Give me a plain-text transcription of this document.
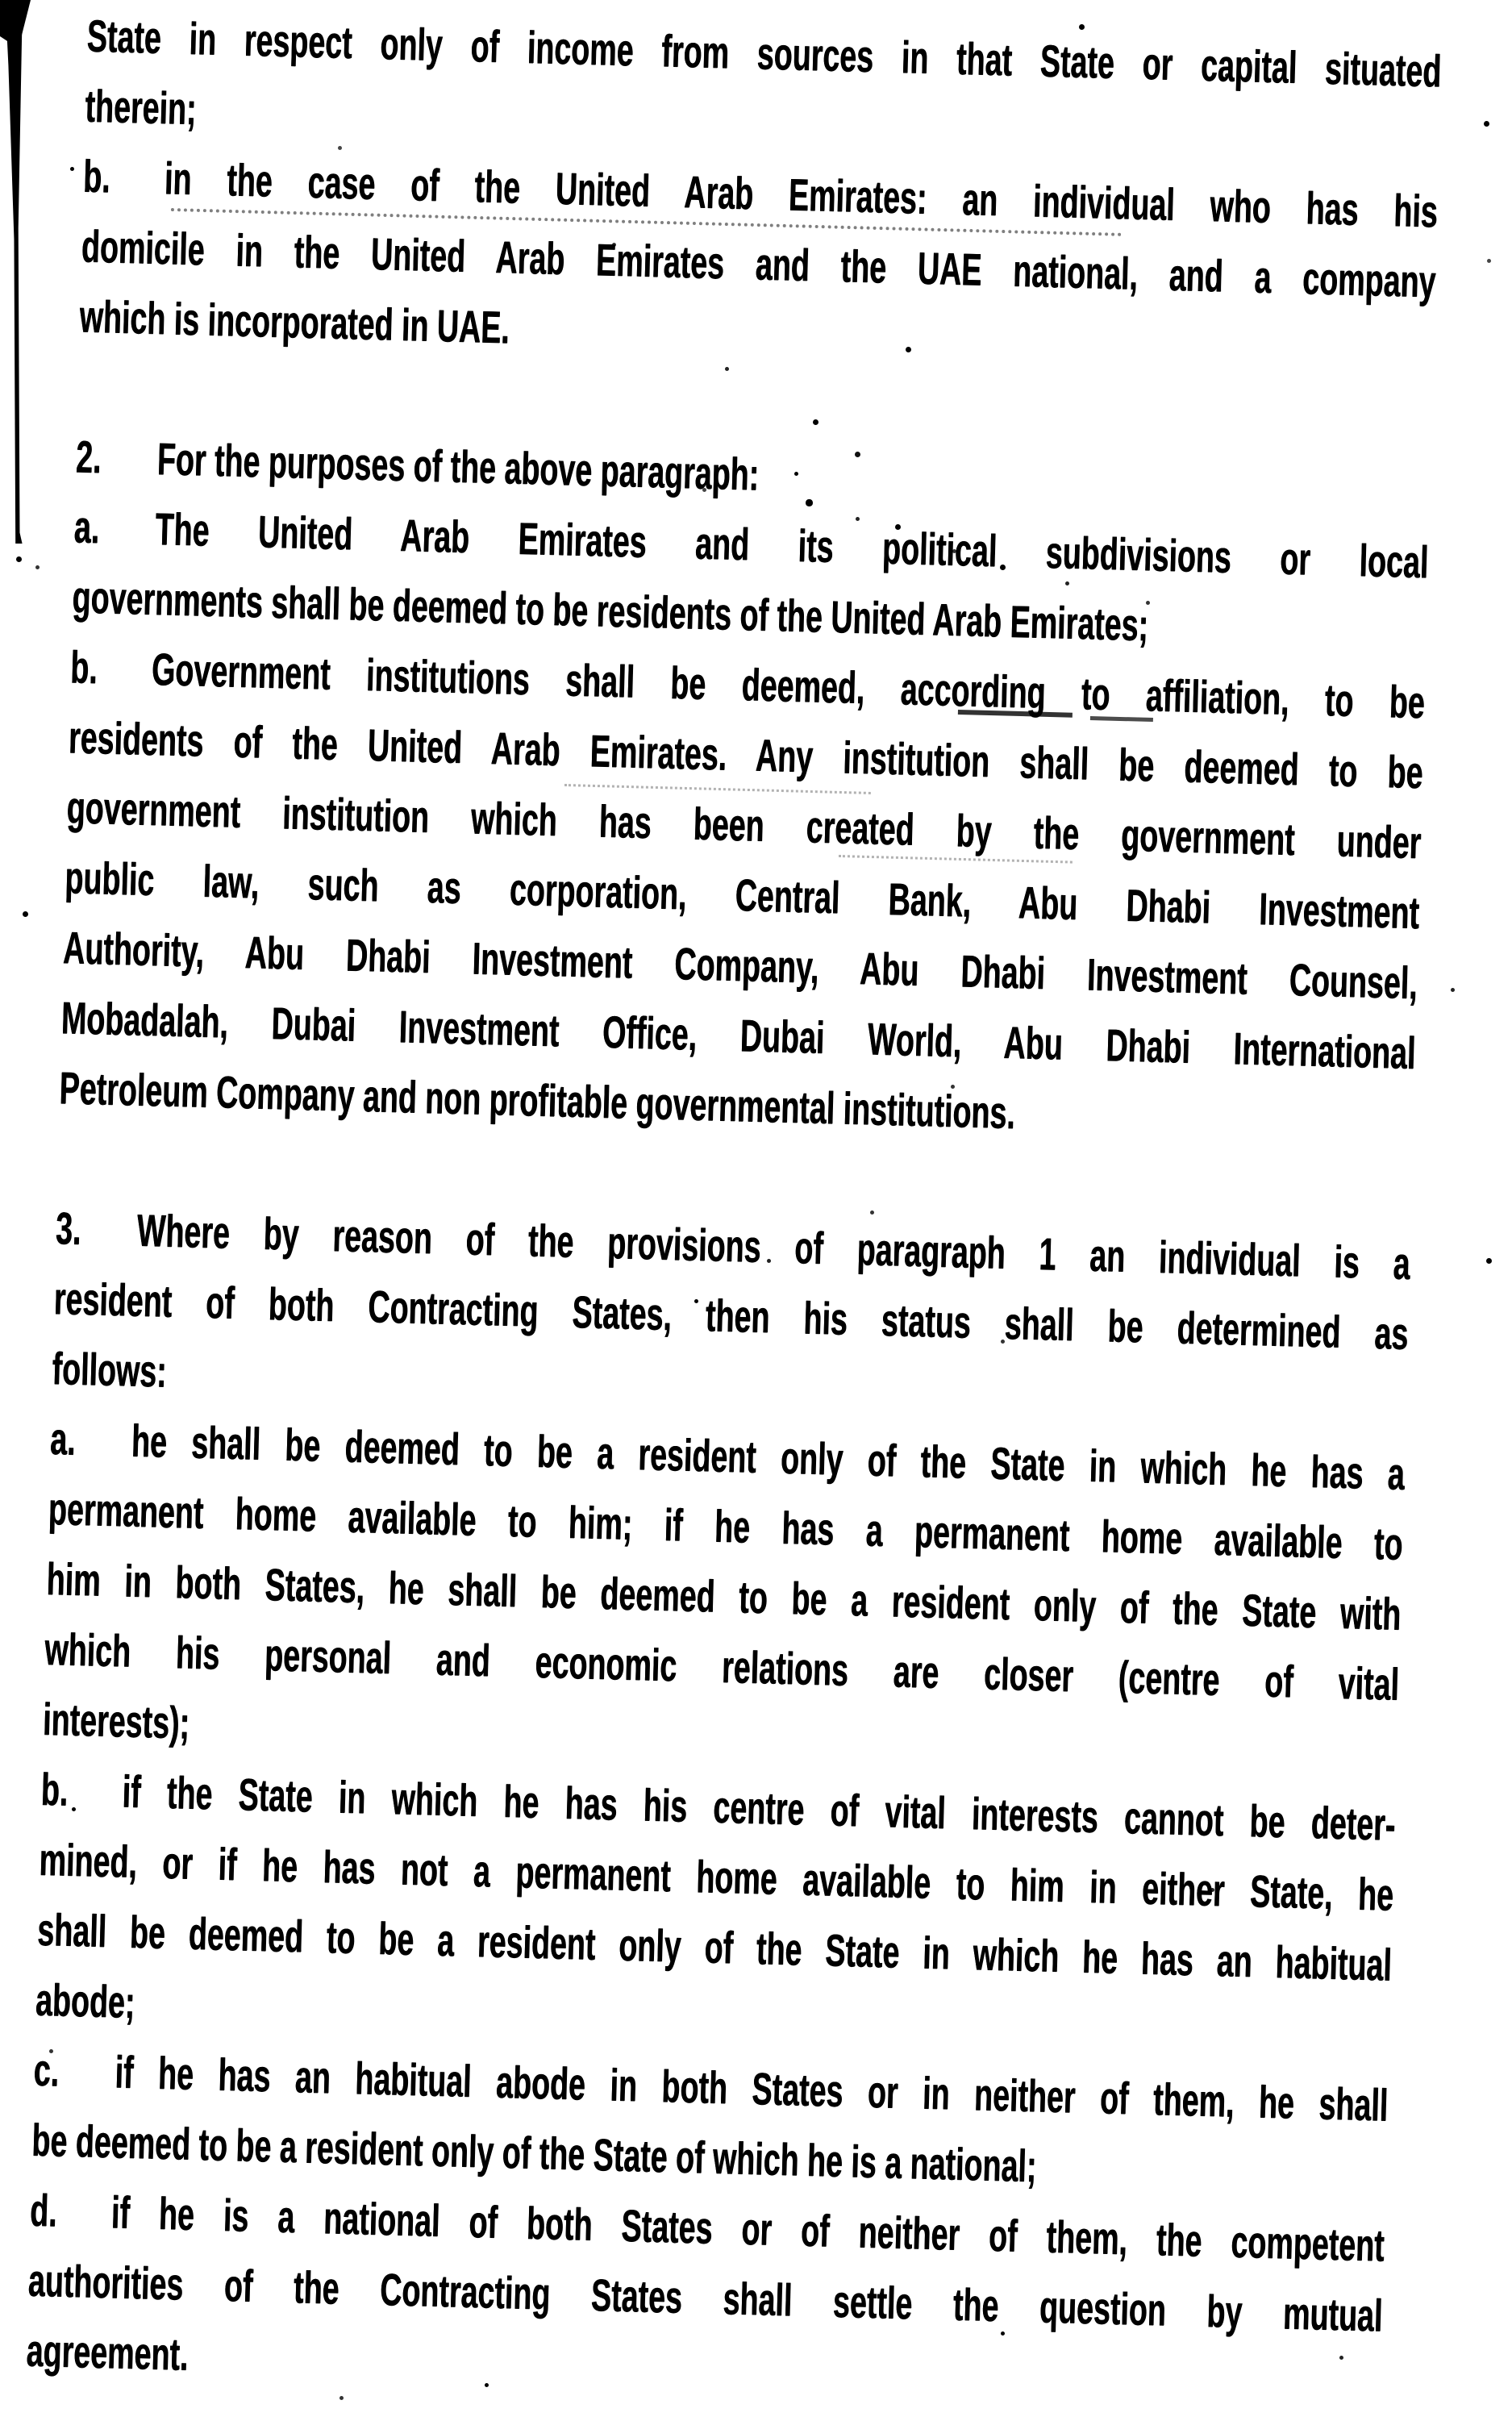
State in respect only of income from sources in that State or capital situated
therein;
b. in the case of the United Arab Emirates: an individual who has his
domicile in the United Arab Emirates and the UAE national, and a company
which is incorporated in UAE.
2. For the purposes of the above paragraph:
a. The United Arab Emirates and its political subdivisions or local
governments shall be deemed to be residents of the United Arab Emirates;
b. Government institutions shall be deemed, according to affiliation, to be
residents of the United Arab Emirates. Any institution shall be deemed to be
government institution which has been created by the government under
public law, such as corporation, Central Bank, Abu Dhabi Investment
Authority, Abu Dhabi Investment Company, Abu Dhabi Investment Counsel,
Mobadalah, Dubai Investment Office, Dubai World, Abu Dhabi International
Petroleum Company and non profitable governmental institutions.
3. Where by reason of the provisions of paragraph 1 an individual is a
resident of both Contracting States, then his status shall be determined as
follows:
a. he shall be deemed to be a resident only of the State in which he has a
permanent home available to him; if he has a permanent home available to
him in both States, he shall be deemed to be a resident only of the State with
which his personal and economic relations are closer (centre of vital
interests);
b. if the State in which he has his centre of vital interests cannot be deter-
mined, or if he has not a permanent home available to him in either State, he
shall be deemed to be a resident only of the State in which he has an habitual
abode;
c. if he has an habitual abode in both States or in neither of them, he shall
be deemed to be a resident only of the State of which he is a national;
d. if he is a national of both States or of neither of them, the competent
authorities of the Contracting States shall settle the question by mutual
agreement.
